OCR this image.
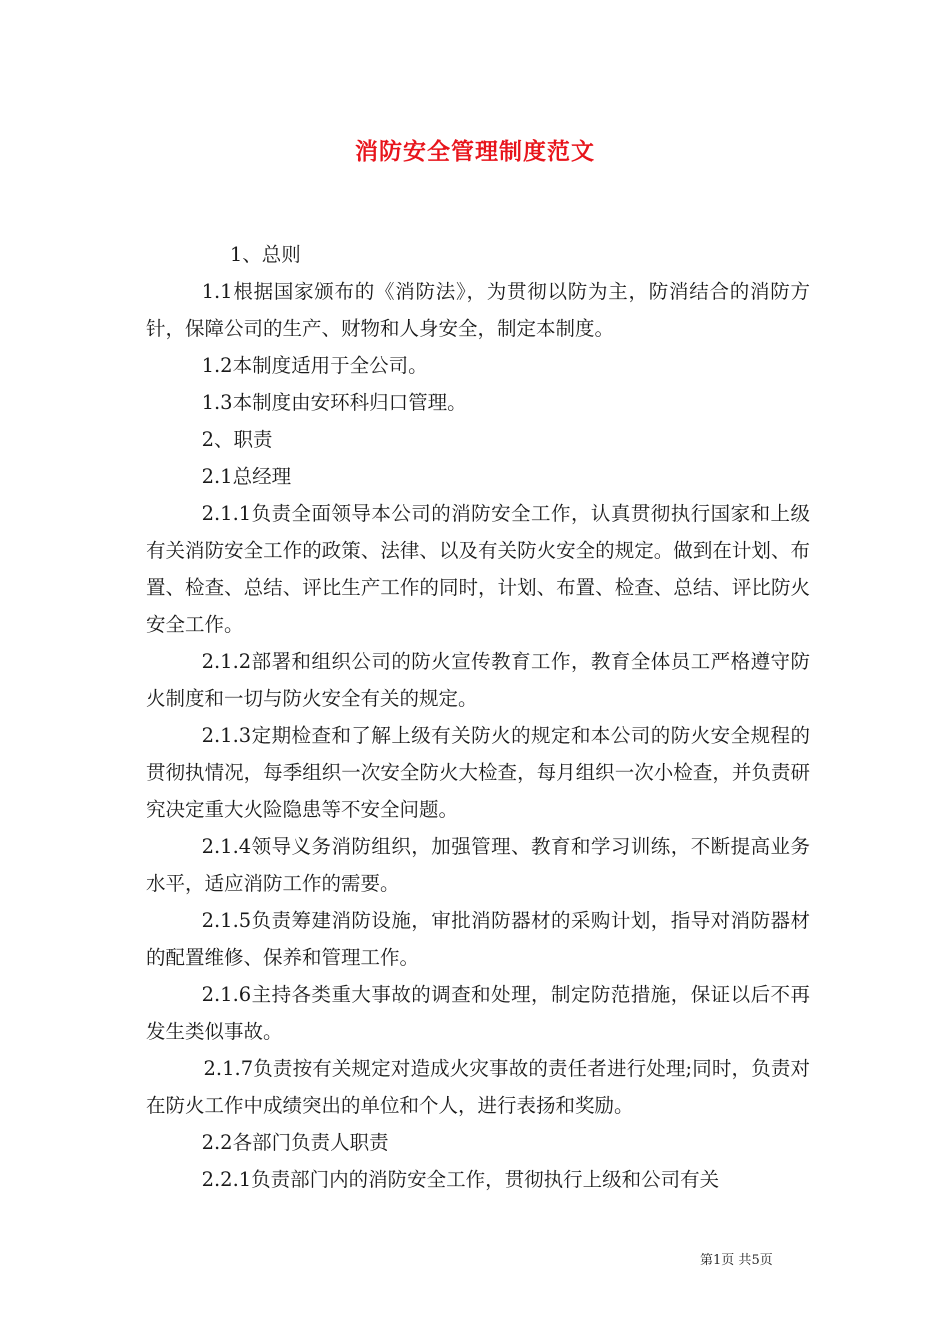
消防安全管理制度范文

1、总则

1.1根据国家颁布的《消防法》，为贯彻以防为主，防消结合的消防方针，保障公司的生产、财物和人身安全，制定本制度。

1.2本制度适用于全公司。

1.3本制度由安环科归口管理。

2、职责

2.1总经理

2.1.1负责全面领导本公司的消防安全工作，认真贯彻执行国家和上级有关消防安全工作的政策、法律、以及有关防火安全的规定。做到在计划、布置、检查、总结、评比生产工作的同时，计划、布置、检查、总结、评比防火安全工作。

2.1.2部署和组织公司的防火宣传教育工作，教育全体员工严格遵守防火制度和一切与防火安全有关的规定。

2.1.3定期检查和了解上级有关防火的规定和本公司的防火安全规程的贯彻执情况，每季组织一次安全防火大检查，每月组织一次小检查，并负责研究决定重大火险隐患等不安全问题。

2.1.4领导义务消防组织，加强管理、教育和学习训练，不断提高业务水平，适应消防工作的需要。

2.1.5负责筹建消防设施，审批消防器材的采购计划，指导对消防器材的配置维修、保养和管理工作。

2.1.6主持各类重大事故的调查和处理，制定防范措施，保证以后不再发生类似事故。

2.1.7负责按有关规定对造成火灾事故的责任者进行处理;同时，负责对在防火工作中成绩突出的单位和个人，进行表扬和奖励。

2.2各部门负责人职责

2.2.1负责部门内的消防安全工作，贯彻执行上级和公司有关

第1页 共5页
